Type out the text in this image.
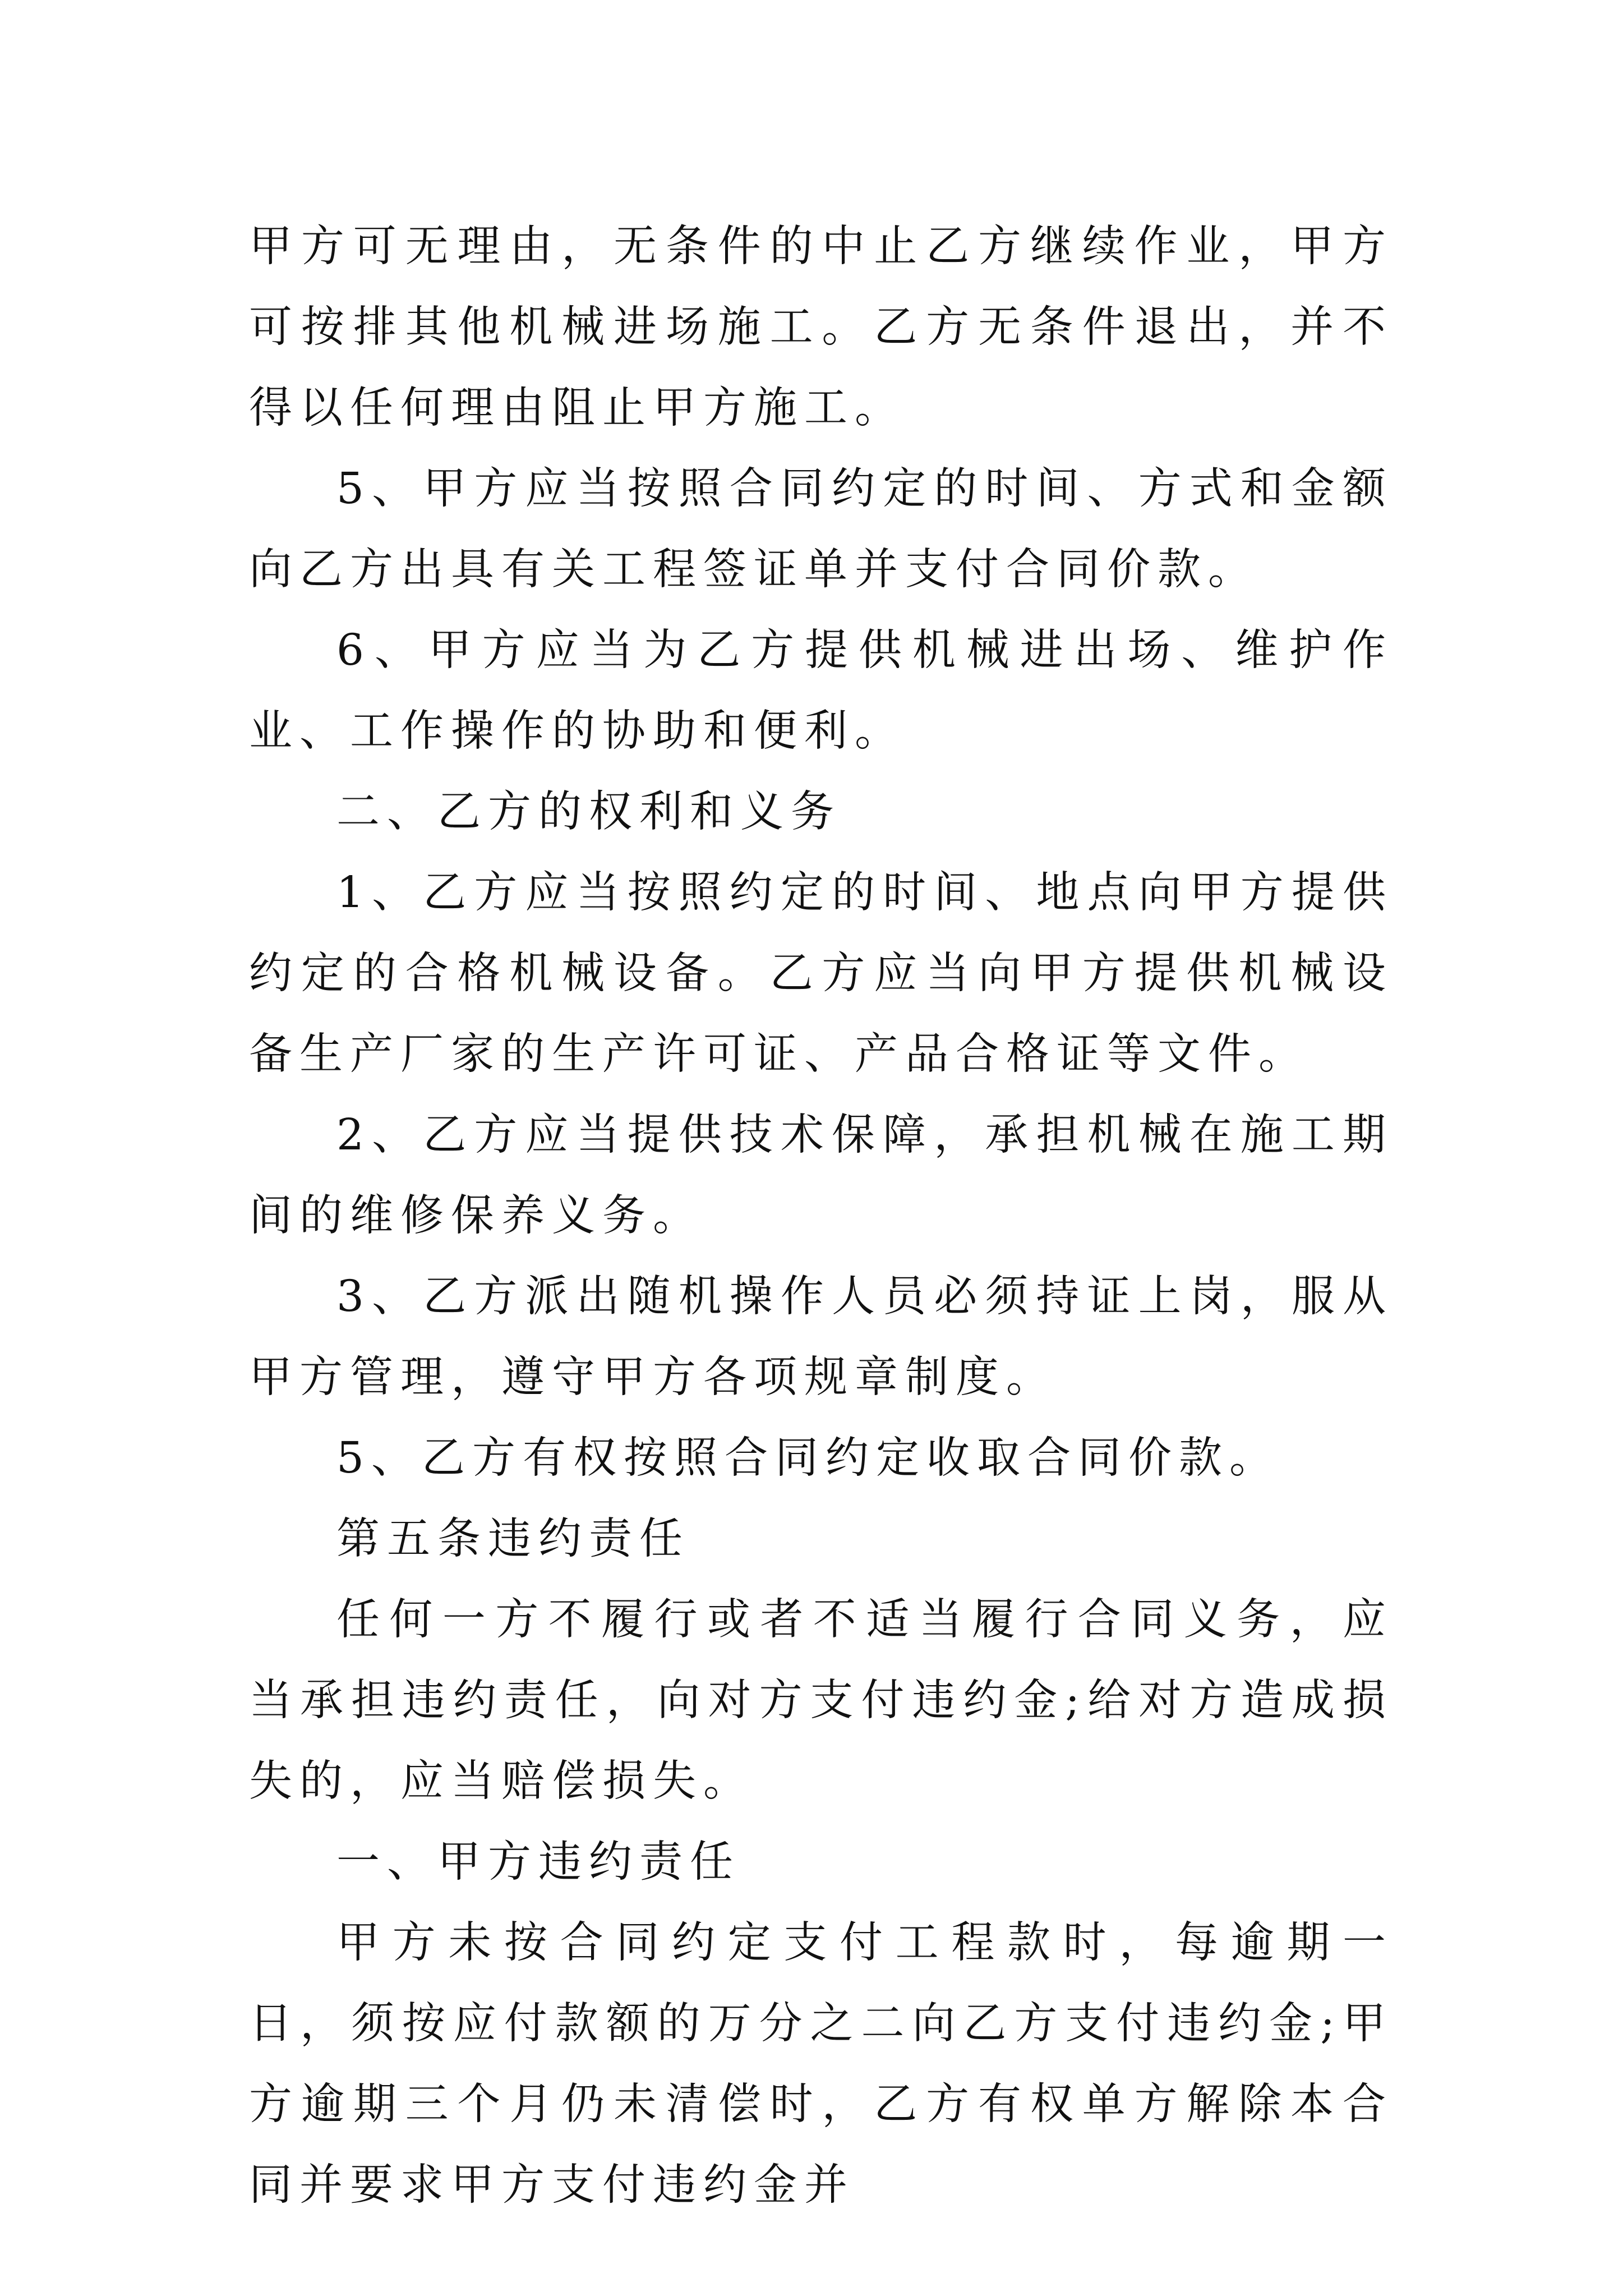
甲方可无理由，无条件的中止乙方继续作业，甲方可按排其他机械进场施工。乙方无条件退出，并不得以任何理由阻止甲方施工。

5、甲方应当按照合同约定的时间、方式和金额向乙方出具有关工程签证单并支付合同价款。

6、甲方应当为乙方提供机械进出场、维护作业、工作操作的协助和便利。

二、乙方的权利和义务

1、乙方应当按照约定的时间、地点向甲方提供约定的合格机械设备。乙方应当向甲方提供机械设备生产厂家的生产许可证、产品合格证等文件。

2、乙方应当提供技术保障，承担机械在施工期间的维修保养义务。

3、乙方派出随机操作人员必须持证上岗，服从甲方管理，遵守甲方各项规章制度。

5、乙方有权按照合同约定收取合同价款。

第五条违约责任

任何一方不履行或者不适当履行合同义务，应当承担违约责任，向对方支付违约金;给对方造成损失的，应当赔偿损失。

一、甲方违约责任

甲方未按合同约定支付工程款时，每逾期一日，须按应付款额的万分之二向乙方支付违约金;甲方逾期三个月仍未清偿时，乙方有权单方解除本合同并要求甲方支付违约金并
